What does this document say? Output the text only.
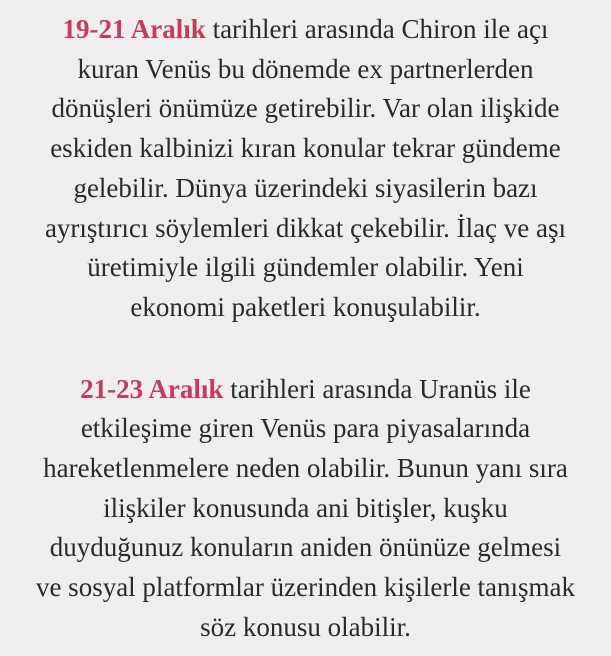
19-21 Aralık tarihleri arasında Chiron ile açı
kuran Venüs bu dönemde ex partnerlerden
dönüşleri önümüze getirebilir. Var olan ilişkide
eskiden kalbinizi kıran konular tekrar gündeme
gelebilir. Dünya üzerindeki siyasilerin bazı
ayrıştırıcı söylemleri dikkat çekebilir. İlaç ve aşı
üretimiyle ilgili gündemler olabilir. Yeni
ekonomi paketleri konuşulabilir.

21-23 Aralık tarihleri arasında Uranüs ile
etkileşime giren Venüs para piyasalarında
hareketlenmelere neden olabilir. Bunun yanı sıra
ilişkiler konusunda ani bitişler, kuşku
duyduğunuz konuların aniden önünüze gelmesi
ve sosyal platformlar üzerinden kişilerle tanışmak
söz konusu olabilir.
